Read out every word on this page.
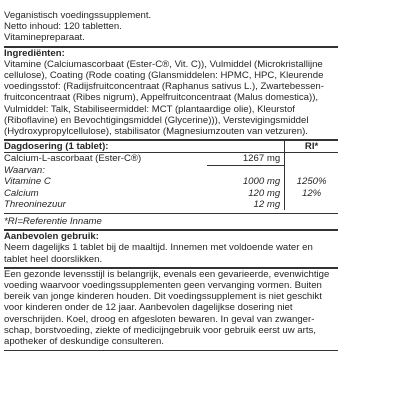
Veganistisch voedingssupplement.

Netto inhoud: 120 tabletten.

Vitaminepreparaat.

Ingrediënten:

Vitamine (Calciumascorbaat (Ester-C®, Vit. C)), Vulmiddel (Microkristallijne cellulose), Coating (Rode coating (Glansmiddelen: HPMC, HPC, Kleurende voedingsstof: (Radijsfruitconcentraat (Raphanus sativus L.), Zwartebessen-fruitconcentraat (Ribes nigrum), Appelfruitconcentraat (Malus domestica)), Vulmiddel: Talk, Stabiliseermiddel: MCT (plantaardige olie), Kleurstof (Riboflavine) en Bevochtigingsmiddel (Glycerine))), Verstevigingsmiddel (Hydroxypropylcellulose), stabilisator (Magnesiumzouten van vetzuren).

Dagdosering (1 tablet):		RI*
Calcium-L-ascorbaat (Ester-C®)	1267 mg	
Waarvan:		
Vitamine C	1000 mg	1250%
Calcium	120 mg	12%
Threoninezuur	12 mg	

*RI=Referentie Inname

Aanbevolen gebruik:

Neem dagelijks 1 tablet bij de maaltijd. Innemen met voldoende water en tablet heel doorslikken.

Een gezonde levensstijl is belangrijk, evenals een gevarieerde, evenwichtige voeding waarvoor voedingssupplementen geen vervanging vormen. Buiten bereik van jonge kinderen houden. Dit voedingssupplement is niet geschikt voor kinderen onder de 12 jaar. Aanbevolen dagelijkse dosering niet overschrijden. Koel, droog en afgesloten bewaren. In geval van zwanger-schap, borstvoeding, ziekte of medicijngebruik voor gebruik eerst uw arts, apotheker of deskundige consulteren.
